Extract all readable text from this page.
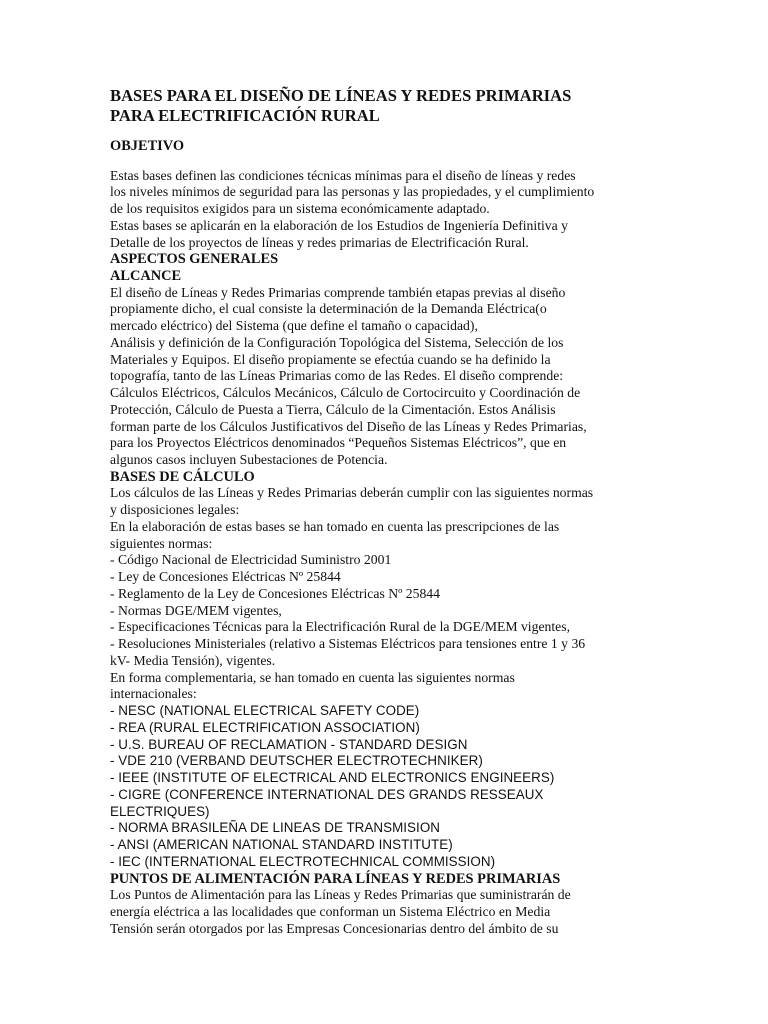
BASES PARA EL DISEÑO DE LÍNEAS Y REDES PRIMARIAS
PARA ELECTRIFICACIÓN RURAL
OBJETIVO
Estas bases definen las condiciones técnicas mínimas para el diseño de líneas y redes
los niveles mínimos de seguridad para las personas y las propiedades, y el cumplimiento
de los requisitos exigidos para un sistema económicamente adaptado.
Estas bases se aplicarán en la elaboración de los Estudios de Ingeniería Definitiva y
Detalle de los proyectos de líneas y redes primarias de Electrificación Rural.
ASPECTOS GENERALES
ALCANCE
El diseño de Líneas y Redes Primarias comprende también etapas previas al diseño
propiamente dicho, el cual consiste la determinación de la Demanda Eléctrica(o
mercado eléctrico) del Sistema (que define el tamaño o capacidad),
Análisis y definición de la Configuración Topológica del Sistema, Selección de los
Materiales y Equipos. El diseño propiamente se efectúa cuando se ha definido la
topografía, tanto de las Líneas Primarias como de las Redes. El diseño comprende:
Cálculos Eléctricos, Cálculos Mecánicos, Cálculo de Cortocircuito y Coordinación de
Protección, Cálculo de Puesta a Tierra, Cálculo de la Cimentación. Estos Análisis
forman parte de los Cálculos Justificativos del Diseño de las Líneas y Redes Primarias,
para los Proyectos Eléctricos denominados “Pequeños Sistemas Eléctricos”, que en
algunos casos incluyen Subestaciones de Potencia.
BASES DE CÁLCULO
Los cálculos de las Líneas y Redes Primarias deberán cumplir con las siguientes normas
y disposiciones legales:
En la elaboración de estas bases se han tomado en cuenta las prescripciones de las
siguientes normas:
- Código Nacional de Electricidad Suministro 2001
- Ley de Concesiones Eléctricas Nº 25844
- Reglamento de la Ley de Concesiones Eléctricas Nº 25844
- Normas DGE/MEM vigentes,
- Especificaciones Técnicas para la Electrificación Rural de la DGE/MEM vigentes,
- Resoluciones Ministeriales (relativo a Sistemas Eléctricos para tensiones entre 1 y 36
kV- Media Tensión), vigentes.
En forma complementaria, se han tomado en cuenta las siguientes normas
internacionales:
- NESC (NATIONAL ELECTRICAL SAFETY CODE)
- REA (RURAL ELECTRIFICATION ASSOCIATION)
- U.S. BUREAU OF RECLAMATION - STANDARD DESIGN
- VDE 210 (VERBAND DEUTSCHER ELECTROTECHNIKER)
- IEEE (INSTITUTE OF ELECTRICAL AND ELECTRONICS ENGINEERS)
- CIGRE (CONFERENCE INTERNATIONAL DES GRANDS RESSEAUX
ELECTRIQUES)
- NORMA BRASILEÑA DE LINEAS DE TRANSMISION
- ANSI (AMERICAN NATIONAL STANDARD INSTITUTE)
- IEC (INTERNATIONAL ELECTROTECHNICAL COMMISSION)
PUNTOS DE ALIMENTACIÓN PARA LÍNEAS Y REDES PRIMARIAS
Los Puntos de Alimentación para las Líneas y Redes Primarias que suministrarán de
energía eléctrica a las localidades que conforman un Sistema Eléctrico en Media
Tensión serán otorgados por las Empresas Concesionarias dentro del ámbito de su
